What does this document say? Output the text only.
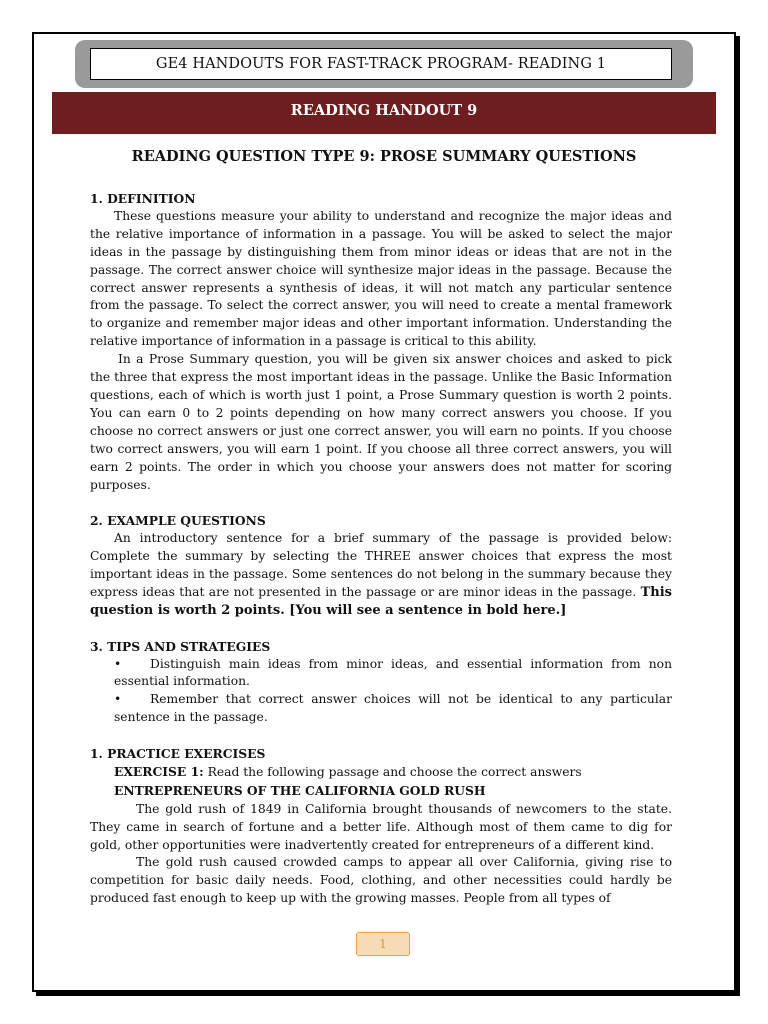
GE4 HANDOUTS FOR FAST-TRACK PROGRAM- READING 1
READING HANDOUT 9
READING QUESTION TYPE 9: PROSE SUMMARY QUESTIONS
1. DEFINITION

These questions measure your ability to understand and recognize the major ideas and the relative importance of information in a passage. You will be asked to select the major ideas in the passage by distinguishing them from minor ideas or ideas that are not in the passage. The correct answer choice will synthesize major ideas in the passage. Because the correct answer represents a synthesis of ideas, it will not match any particular sentence from the passage. To select the correct answer, you will need to create a mental framework to organize and remember major ideas and other important information. Understanding the relative importance of information in a passage is critical to this ability.

In a Prose Summary question, you will be given six answer choices and asked to pick the three that express the most important ideas in the passage. Unlike the Basic Information questions, each of which is worth just 1 point, a Prose Summary question is worth 2 points. You can earn 0 to 2 points depending on how many correct answers you choose. If you choose no correct answers or just one correct answer, you will earn no points. If you choose two correct answers, you will earn 1 point. If you choose all three correct answers, you will earn 2 points. The order in which you choose your answers does not matter for scoring purposes.

2. EXAMPLE QUESTIONS

An introductory sentence for a brief summary of the passage is provided below: Complete the summary by selecting the THREE answer choices that express the most important ideas in the passage. Some sentences do not belong in the summary because they express ideas that are not presented in the passage or are minor ideas in the passage. This question is worth 2 points. [You will see a sentence in bold here.]

3. TIPS AND STRATEGIES

• Distinguish main ideas from minor ideas, and essential information from non essential information.

• Remember that correct answer choices will not be identical to any particular sentence in the passage.

1. PRACTICE EXERCISES

EXERCISE 1: Read the following passage and choose the correct answers

ENTREPRENEURS OF THE CALIFORNIA GOLD RUSH

The gold rush of 1849 in California brought thousands of newcomers to the state. They came in search of fortune and a better life. Although most of them came to dig for gold, other opportunities were inadvertently created for entrepreneurs of a different kind.

The gold rush caused crowded camps to appear all over California, giving rise to competition for basic daily needs. Food, clothing, and other necessities could hardly be produced fast enough to keep up with the growing masses. People from all types of

1
